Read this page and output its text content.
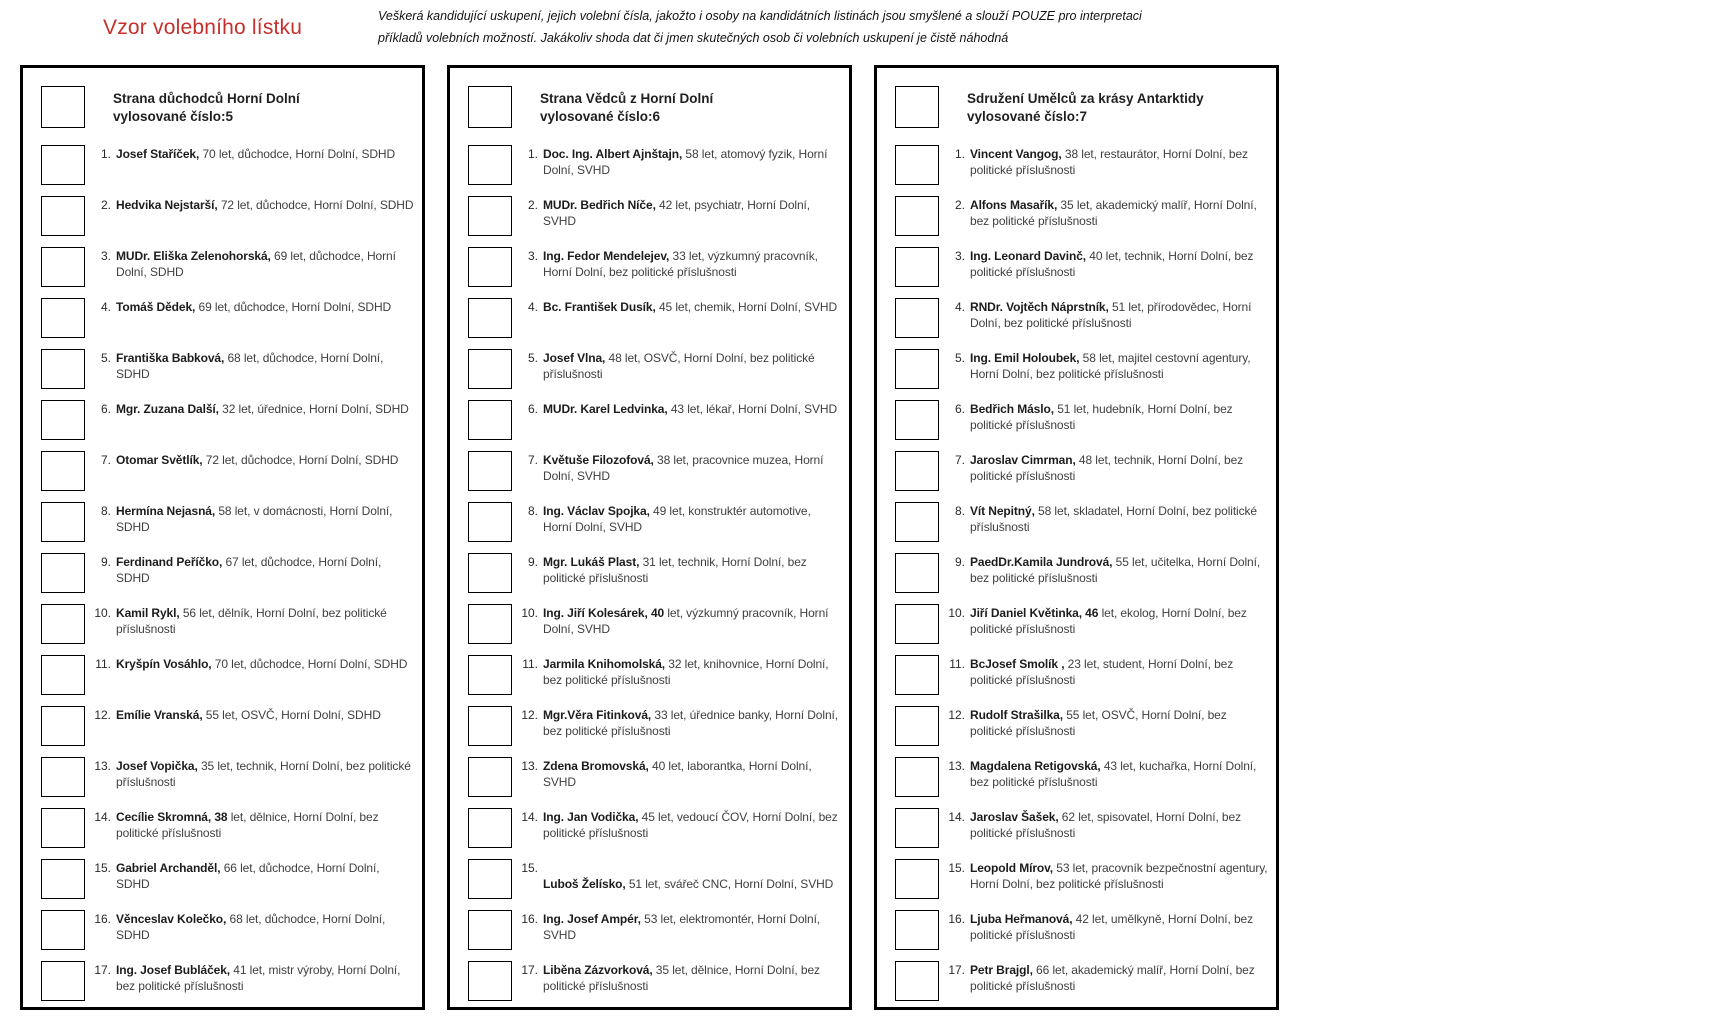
Vzor volebního lístku	Veškerá kandidující uskupení, jejich volební čísla, jakožto i osoby na kandidátních listinách jsou smyšlené a slouží POUZE pro interpretaci
příkladů volebních možností. Jakákoliv shoda dat či jmen skutečných osob či volebních uskupení je čistě náhodná
Strana důchodců Horní Dolní
vylosované číslo:5
1. Josef Staříček, 70 let, důchodce, Horní Dolní, SDHD
2. Hedvika Nejstarší, 72 let, důchodce, Horní Dolní, SDHD
3. MUDr. Eliška Zelenohorská, 69 let, důchodce, Horní Dolní, SDHD
4. Tomáš Dědek, 69 let, důchodce, Horní Dolní, SDHD
5. Františka Babková, 68 let, důchodce, Horní Dolní, SDHD
6. Mgr. Zuzana Další, 32 let, úřednice, Horní Dolní, SDHD
7. Otomar Světlík, 72 let, důchodce, Horní Dolní, SDHD
8. Hermína Nejasná, 58 let, v domácnosti, Horní Dolní, SDHD
9. Ferdinand Peříčko, 67 let, důchodce, Horní Dolní, SDHD
10. Kamil Rykl, 56 let, dělník, Horní Dolní, bez politické příslušnosti
11. Kryšpín Vosáhlo, 70 let, důchodce, Horní Dolní, SDHD
12. Emílie Vranská, 55 let, OSVČ, Horní Dolní, SDHD
13. Josef Vopička, 35 let, technik, Horní Dolní, bez politické příslušnosti
14. Cecílie Skromná, 38 let, dělnice, Horní Dolní, bez politické příslušnosti
15. Gabriel Archanděl, 66 let, důchodce, Horní Dolní, SDHD
16. Věnceslav Kolečko, 68 let, důchodce, Horní Dolní, SDHD
17. Ing. Josef Bubláček, 41 let, mistr výroby, Horní Dolní, bez politické příslušnosti
Strana Vědců z Horní Dolní
vylosované číslo:6
1. Doc. Ing. Albert Ajnštajn, 58 let, atomový fyzik, Horní Dolní, SVHD
2. MUDr. Bedřich Níče, 42 let, psychiatr, Horní Dolní, SVHD
3. Ing. Fedor Mendelejev, 33 let, výzkumný pracovník, Horní Dolní, bez politické příslušnosti
4. Bc. František Dusík, 45 let, chemik, Horní Dolní, SVHD
5. Josef Vlna, 48 let, OSVČ, Horní Dolní, bez politické příslušnosti
6. MUDr. Karel Ledvinka, 43 let, lékař, Horní Dolní, SVHD
7. Květuše Filozofová, 38 let, pracovnice muzea, Horní Dolní, SVHD
8. Ing. Václav Spojka, 49 let, konstruktér automotive, Horní Dolní, SVHD
9. Mgr. Lukáš Plast, 31 let, technik, Horní Dolní, bez politické příslušnosti
10. Ing. Jiří Kolesárek, 40 let, výzkumný pracovník, Horní Dolní, SVHD
11. Jarmila Knihomolská, 32 let, knihovnice, Horní Dolní, bez politické příslušnosti
12. Mgr.Věra Fitinková, 33 let, úřednice banky, Horní Dolní, bez politické příslušnosti
13. Zdena Bromovská, 40 let, laborantka, Horní Dolní, SVHD
14. Ing. Jan Vodička, 45 let, vedoucí ČOV, Horní Dolní, bez politické příslušnosti
15.

Luboš Želísko, 51 let, svářeč CNC, Horní Dolní, SVHD
16. Ing. Josef Ampér, 53 let, elektromontér, Horní Dolní, SVHD
17. Liběna Zázvorková, 35 let, dělnice, Horní Dolní, bez politické příslušnosti
Sdružení Umělců za krásy Antarktidy
vylosované číslo:7
1. Vincent Vangog, 38 let, restaurátor, Horní Dolní, bez politické příslušnosti
2. Alfons Masařík, 35 let, akademický malíř, Horní Dolní, bez politické příslušnosti
3. Ing. Leonard Davinč, 40 let, technik, Horní Dolní, bez politické příslušnosti
4. RNDr. Vojtěch Náprstník, 51 let, přírodovědec, Horní Dolní, bez politické příslušnosti
5. Ing. Emil Holoubek, 58 let, majitel cestovní agentury, Horní Dolní, bez politické příslušnosti
6. Bedřich Máslo, 51 let, hudebník, Horní Dolní, bez politické příslušnosti
7. Jaroslav Cimrman, 48 let, technik, Horní Dolní, bez politické příslušnosti
8. Vít Nepitný, 58 let, skladatel, Horní Dolní, bez politické příslušnosti
9. PaedDr.Kamila Jundrová, 55 let, učitelka, Horní Dolní, bez politické příslušnosti
10. Jiří Daniel Květinka, 46 let, ekolog, Horní Dolní, bez politické příslušnosti
11. BcJosef Smolík , 23 let, student, Horní Dolní, bez politické příslušnosti
12. Rudolf Strašilka, 55 let, OSVČ, Horní Dolní, bez politické příslušnosti
13. Magdalena Retigovská, 43 let, kuchařka, Horní Dolní, bez politické příslušnosti
14. Jaroslav Šašek, 62 let, spisovatel, Horní Dolní, bez politické příslušnosti
15. Leopold Mírov, 53 let, pracovník bezpečnostní agentury, Horní Dolní, bez politické příslušnosti
16. Ljuba Heřmanová, 42 let, umělkyně, Horní Dolní, bez politické příslušnosti
17. Petr Brajgl, 66 let, akademický malíř, Horní Dolní, bez politické příslušnosti
